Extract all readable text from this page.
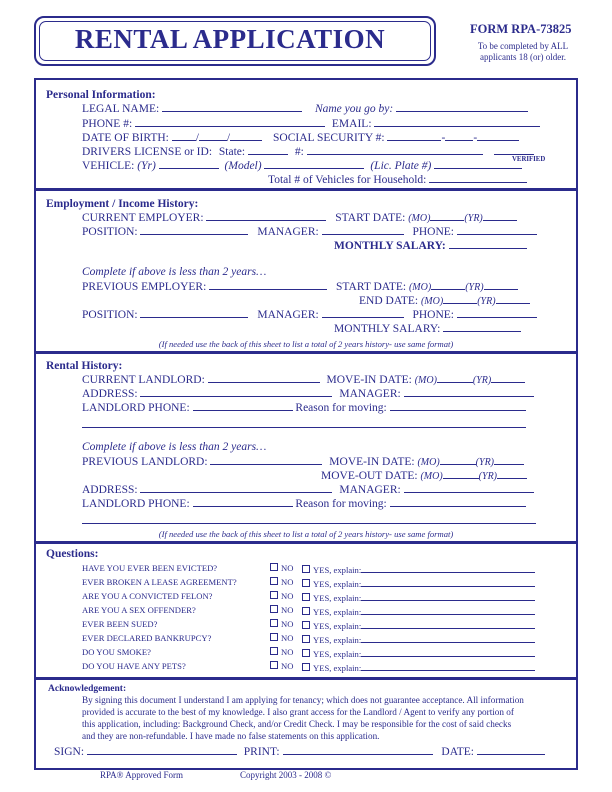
RENTAL APPLICATION	FORM RPA-73825
To be completed by ALL
applicants 18 (or) older.
Personal Information:
LEGAL NAME:	Name you go by:
PHONE #:	EMAIL:
DATE OF BIRTH: / /	SOCIAL SECURITY #:	- -
DRIVERS LICENSE or ID: State:	#:
VERIFIED
VEHICLE: (Yr)	(Model)	(Lic. Plate #)
Total # of Vehicles for Household:
Employment / Income History:
CURRENT EMPLOYER:	START DATE: (MO)	(YR)
POSITION:	MANAGER:	PHONE:
MONTHLY SALARY:
Complete if above is less than 2 years…
PREVIOUS EMPLOYER:	START DATE: (MO)	(YR)
END DATE: (MO)	(YR)
POSITION:	MANAGER:	PHONE:
MONTHLY SALARY:
(If needed use the back of this sheet to list a total of 2 years history- use same format)
Rental History:
CURRENT LANDLORD:	MOVE-IN DATE: (MO)	(YR)
ADDRESS:	MANAGER:
LANDLORD PHONE:	Reason for moving:
Complete if above is less than 2 years…
PREVIOUS LANDLORD:	MOVE-IN DATE: (MO)	(YR)
MOVE-OUT DATE: (MO)	(YR)
ADDRESS:	MANAGER:
LANDLORD PHONE:	Reason for moving:
(If needed use the back of this sheet to list a total of 2 years history- use same format)
Questions:
HAVE YOU EVER BEEN EVICTED?	NO	YES, explain:
EVER BROKEN A LEASE AGREEMENT?	NO	YES, explain:
ARE YOU A CONVICTED FELON?	NO	YES, explain:
ARE YOU A SEX OFFENDER?	NO	YES, explain:
EVER BEEN SUED?	NO	YES, explain:
EVER DECLARED BANKRUPCY?	NO	YES, explain:
DO YOU SMOKE?	NO	YES, explain:
DO YOU HAVE ANY PETS?	NO	YES, explain:
Acknowledgement:
By signing this document I understand I am applying for tenancy; which does not guarantee acceptance. All information
provided is accurate to the best of my knowledge. I also grant access for the Landlord / Agent to verify any portion of
this application, including: Background Check, and/or Credit Check. I may be responsible for the cost of said checks
and they are non-refundable. I have made no false statements on this application.
SIGN:	PRINT:	DATE:
RPA® Approved Form	Copyright 2003 - 2008 ©
